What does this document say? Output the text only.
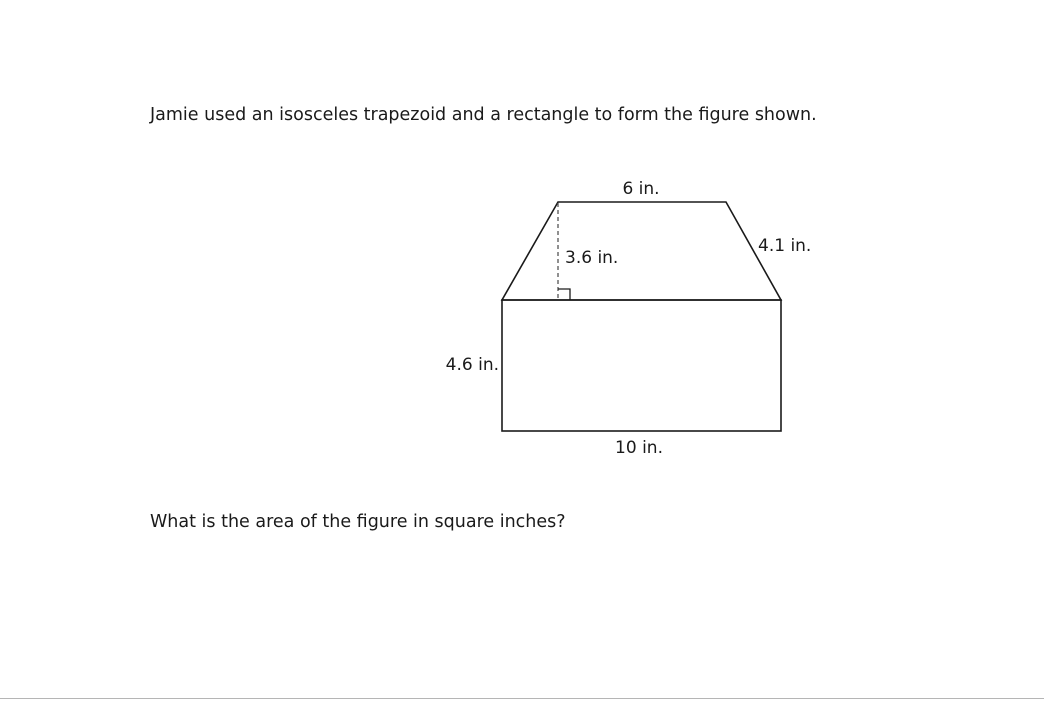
Jamie used an isosceles trapezoid and a rectangle to form the figure shown.
6 in.
3.6 in.
4.1 in.
4.6 in.
10 in.
What is the area of the figure in square inches?
